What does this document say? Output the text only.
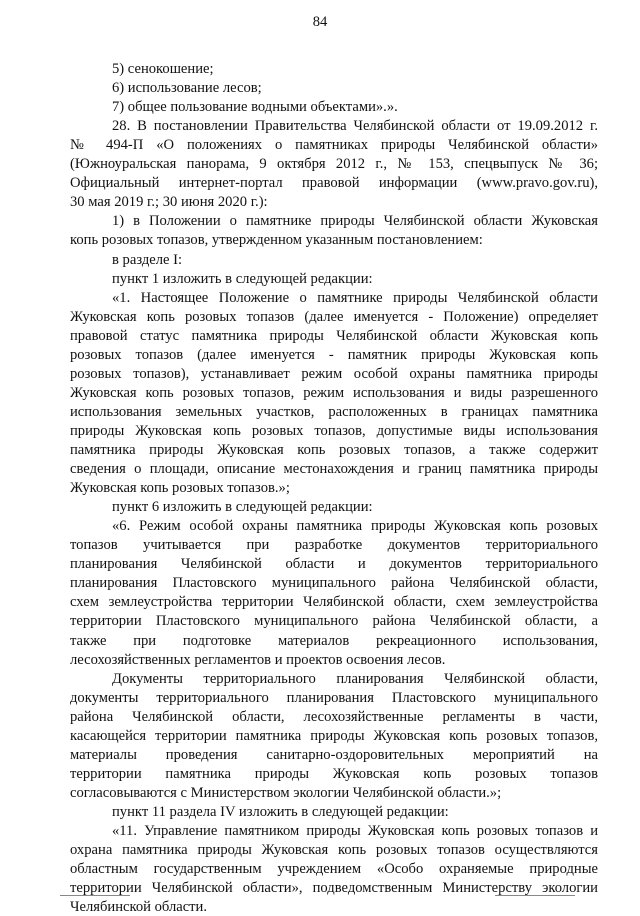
84
5) сенокошение;
6) использование лесов;
7) общее пользование водными объектами».».
28. В постановлении Правительства Челябинской области от 19.09.2012 г.
№ 494-П «О положениях о памятниках природы Челябинской области»
(Южноуральская панорама, 9 октября 2012 г., № 153, спецвыпуск № 36;
Официальный интернет-портал правовой информации (www.pravo.gov.ru),
30 мая 2019 г.; 30 июня 2020 г.):
1) в Положении о памятнике природы Челябинской области Жуковская
копь розовых топазов, утвержденном указанным постановлением:
в разделе I:
пункт 1 изложить в следующей редакции:
«1. Настоящее Положение о памятнике природы Челябинской области
Жуковская копь розовых топазов (далее именуется - Положение) определяет
правовой статус памятника природы Челябинской области Жуковская копь
розовых топазов (далее именуется - памятник природы Жуковская копь
розовых топазов), устанавливает режим особой охраны памятника природы
Жуковская копь розовых топазов, режим использования и виды разрешенного
использования земельных участков, расположенных в границах памятника
природы Жуковская копь розовых топазов, допустимые виды использования
памятника природы Жуковская копь розовых топазов, а также содержит
сведения о площади, описание местонахождения и границ памятника природы
Жуковская копь розовых топазов.»;
пункт 6 изложить в следующей редакции:
«6. Режим особой охраны памятника природы Жуковская копь розовых
топазов учитывается при разработке документов территориального
планирования Челябинской области и документов территориального
планирования Пластовского муниципального района Челябинской области,
схем землеустройства территории Челябинской области, схем землеустройства
территории Пластовского муниципального района Челябинской области, а
также при подготовке материалов рекреационного использования,
лесохозяйственных регламентов и проектов освоения лесов.
Документы территориального планирования Челябинской области,
документы территориального планирования Пластовского муниципального
района Челябинской области, лесохозяйственные регламенты в части,
касающейся территории памятника природы Жуковская копь розовых топазов,
материалы проведения санитарно-оздоровительных мероприятий на
территории памятника природы Жуковская копь розовых топазов
согласовываются с Министерством экологии Челябинской области.»;
пункт 11 раздела IV изложить в следующей редакции:
«11. Управление памятником природы Жуковская копь розовых топазов и
охрана памятника природы Жуковская копь розовых топазов осуществляются
областным государственным учреждением «Особо охраняемые природные
территории Челябинской области», подведомственным Министерству экологии
Челябинской области.
